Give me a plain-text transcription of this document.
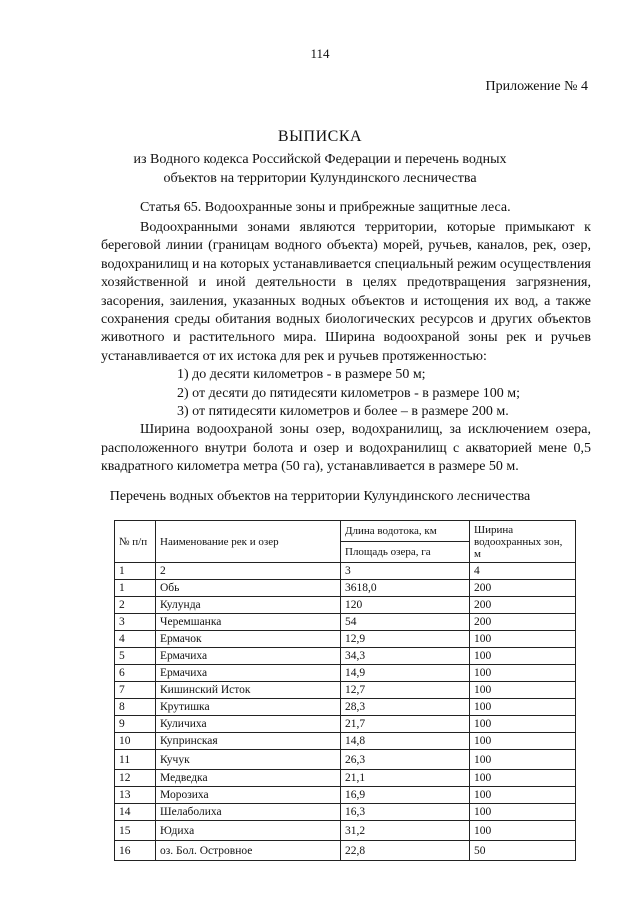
114
Приложение № 4
ВЫПИСКА
из Водного кодекса Российской Федерации и перечень водных
объектов на территории Кулундинского лесничества
Статья 65. Водоохранные зоны и прибрежные защитные леса.

Водоохранными зонами являются территории, которые примыкают к береговой линии (границам водного объекта) морей, ручьев, каналов, рек, озер, водохранилищ и на которых устанавливается специальный режим осуществления хозяйственной и иной деятельности в целях предотвращения загрязнения, засорения, заиления, указанных водных объектов и истощения их вод, а также сохранения среды обитания водных биологических ресурсов и других объектов животного и растительного мира. Ширина водоохраной зоны рек и ручьев устанавливается от их истока для рек и ручьев протяженностью:

1) до десяти километров - в размере 50 м;

2) от десяти до пятидесяти километров - в размере 100 м;

3) от пятидесяти километров и более – в размере 200 м.

Ширина водоохраной зоны озер, водохранилищ, за исключением озера, расположенного внутри болота и озер и водохранилищ с акваторией мене 0,5 квадратного километра метра (50 га), устанавливается в размере 50 м.

Перечень водных объектов на территории Кулундинского лесничества
№ п/п	Наименование рек и озер	Длина водотока, км	Ширина водоохранных зон, м
		Площадь озера, га	
1	2	3	4
1	Обь	3618,0	200
2	Кулунда	120	200
3	Черемшанка	54	200
4	Ермачок	12,9	100
5	Ермачиха	34,3	100
6	Ермачиха	14,9	100
7	Кишинский Исток	12,7	100
8	Крутишка	28,3	100
9	Куличиха	21,7	100
10	Купринская	14,8	100
11	Кучук	26,3	100
12	Медведка	21,1	100
13	Морозиха	16,9	100
14	Шелаболиха	16,3	100
15	Юдиха	31,2	100
16	оз. Бол. Островное	22,8	50
